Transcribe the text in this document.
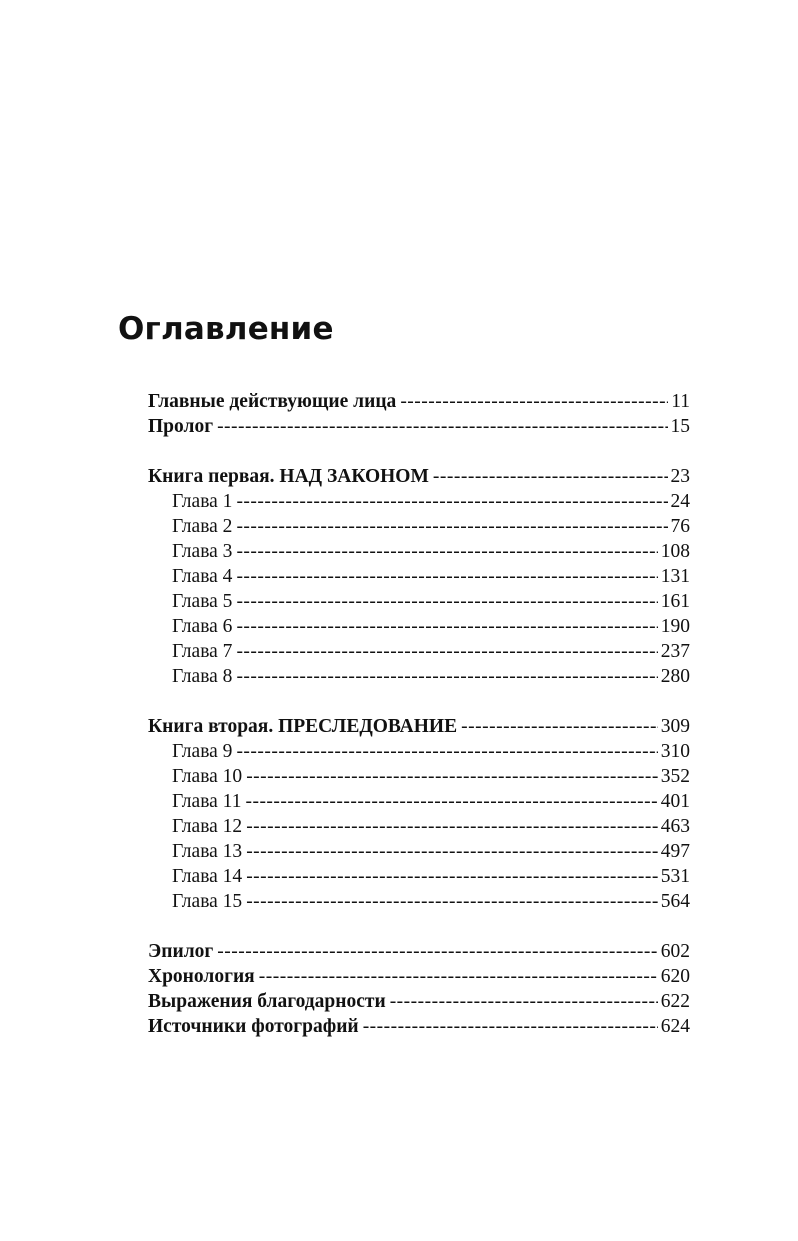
Оглавление
Главные действующие лица -----	11
Пролог -----	15
Книга первая. НАД ЗАКОНОМ -----	23
Глава 1 -----	24
Глава 2 -----	76
Глава 3 -----	108
Глава 4 -----	131
Глава 5 -----	161
Глава 6 -----	190
Глава 7 -----	237
Глава 8 -----	280
Книга вторая. ПРЕСЛЕДОВАНИЕ -----	309
Глава 9 -----	310
Глава 10 -----	352
Глава 11 -----	401
Глава 12 -----	463
Глава 13 -----	497
Глава 14 -----	531
Глава 15 -----	564
Эпилог -----	602
Хронология -----	620
Выражения благодарности -----	622
Источники фотографий -----	624
